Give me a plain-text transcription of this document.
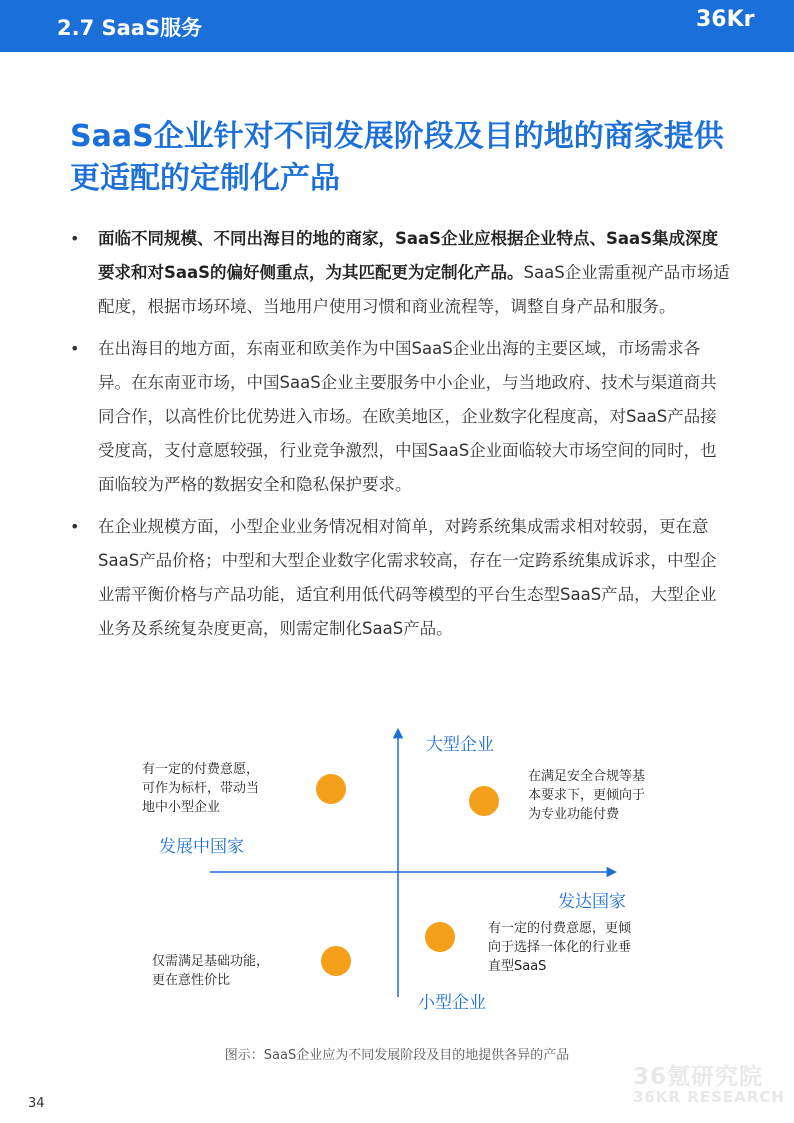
2.7 SaaS服务	36Kr
SaaS企业针对不同发展阶段及目的地的商家提供更适配的定制化产品
• 面临不同规模、不同出海目的地的商家，SaaS企业应根据企业特点、SaaS集成深度要求和对SaaS的偏好侧重点，为其匹配更为定制化产品。SaaS企业需重视产品市场适配度，根据市场环境、当地用户使用习惯和商业流程等，调整自身产品和服务。
• 在出海目的地方面，东南亚和欧美作为中国SaaS企业出海的主要区域，市场需求各异。在东南亚市场，中国SaaS企业主要服务中小企业，与当地政府、技术与渠道商共同合作，以高性价比优势进入市场。在欧美地区，企业数字化程度高，对SaaS产品接受度高，支付意愿较强，行业竞争激烈，中国SaaS企业面临较大市场空间的同时，也面临较为严格的数据安全和隐私保护要求。
• 在企业规模方面，小型企业业务情况相对简单，对跨系统集成需求相对较弱，更在意SaaS产品价格；中型和大型企业数字化需求较高，存在一定跨系统集成诉求，中型企业需平衡价格与产品功能，适宜利用低代码等模型的平台生态型SaaS产品，大型企业业务及系统复杂度更高，则需定制化SaaS产品。
大型企业
小型企业
发展中国家
发达国家
有一定的付费意愿，
可作为标杆，带动当
地中小型企业
在满足安全合规等基
本要求下，更倾向于
为专业功能付费
有一定的付费意愿，更倾
向于选择一体化的行业垂
直型SaaS
仅需满足基础功能，
更在意性价比
图示：SaaS企业应为不同发展阶段及目的地提供各异的产品
36氪研究院
36KR RESEARCH
34
